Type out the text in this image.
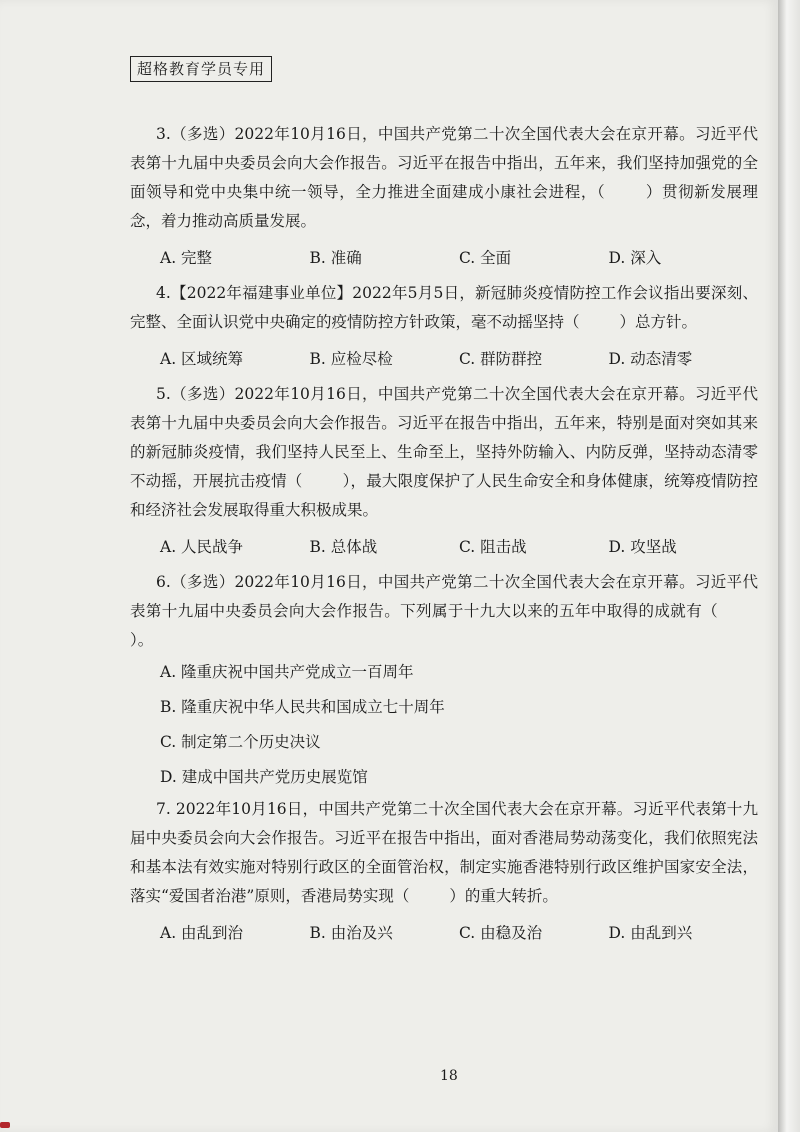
超格教育学员专用

3.（多选）2022年10月16日，中国共产党第二十次全国代表大会在京开幕。习近平代表第十九届中央委员会向大会作报告。习近平在报告中指出，五年来，我们坚持加强党的全面领导和党中央集中统一领导，全力推进全面建成小康社会进程，（	）贯彻新发展理念，着力推动高质量发展。

A. 完整	B. 准确	C. 全面	D. 深入

4.【2022年福建事业单位】2022年5月5日，新冠肺炎疫情防控工作会议指出要深刻、完整、全面认识党中央确定的疫情防控方针政策，毫不动摇坚持（	）总方针。

A. 区域统筹	B. 应检尽检	C. 群防群控	D. 动态清零

5.（多选）2022年10月16日，中国共产党第二十次全国代表大会在京开幕。习近平代表第十九届中央委员会向大会作报告。习近平在报告中指出，五年来，特别是面对突如其来的新冠肺炎疫情，我们坚持人民至上、生命至上，坚持外防输入、内防反弹，坚持动态清零不动摇，开展抗击疫情（	），最大限度保护了人民生命安全和身体健康，统筹疫情防控和经济社会发展取得重大积极成果。

A. 人民战争	B. 总体战	C. 阻击战	D. 攻坚战

6.（多选）2022年10月16日，中国共产党第二十次全国代表大会在京开幕。习近平代表第十九届中央委员会向大会作报告。下列属于十九大以来的五年中取得的成就有（）。

A. 隆重庆祝中国共产党成立一百周年
B. 隆重庆祝中华人民共和国成立七十周年
C. 制定第二个历史决议
D. 建成中国共产党历史展览馆

7. 2022年10月16日，中国共产党第二十次全国代表大会在京开幕。习近平代表第十九届中央委员会向大会作报告。习近平在报告中指出，面对香港局势动荡变化，我们依照宪法和基本法有效实施对特别行政区的全面管治权，制定实施香港特别行政区维护国家安全法，落实“爱国者治港”原则，香港局势实现（	）的重大转折。

A. 由乱到治	B. 由治及兴	C. 由稳及治	D. 由乱到兴
18
